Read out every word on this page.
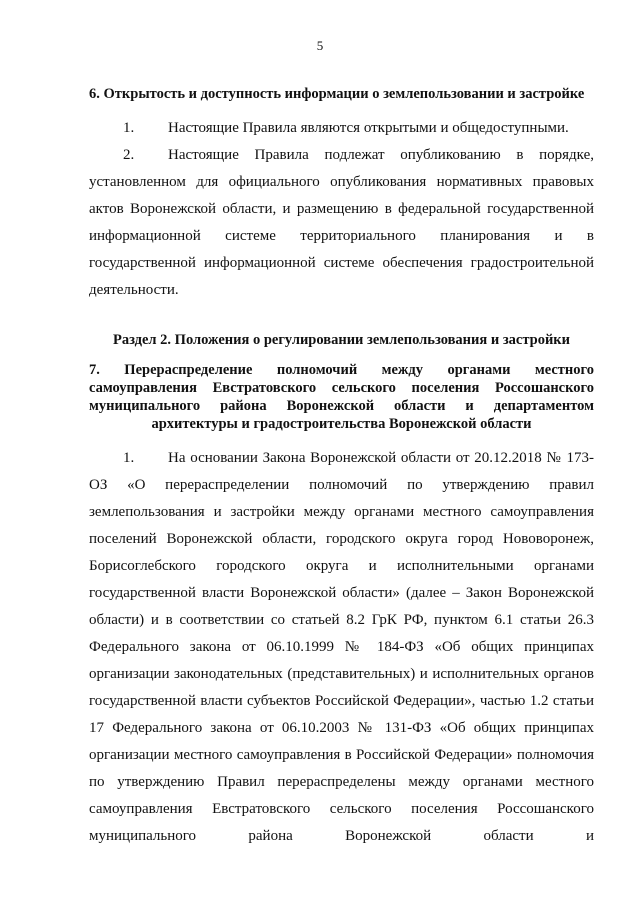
5
6. Открытость и доступность информации о землепользовании и застройке

1. Настоящие Правила являются открытыми и общедоступными.

2. Настоящие Правила подлежат опубликованию в порядке, установленном для официального опубликования нормативных правовых актов Воронежской области, и размещению в федеральной государственной информационной системе территориального планирования и в государственной информационной системе обеспечения градостроительной деятельности.

Раздел 2. Положения о регулировании землепользования и застройки
7. Перераспределение полномочий между органами местного самоуправления Евстратовского сельского поселения Россошанского муниципального района Воронежской области и департаментом архитектуры и градостроительства Воронежской области

1. На основании Закона Воронежской области от 20.12.2018 № 173-ОЗ «О перераспределении полномочий по утверждению правил землепользования и застройки между органами местного самоуправления поселений Воронежской области, городского округа город Нововоронеж, Борисоглебского городского округа и исполнительными органами государственной власти Воронежской области» (далее – Закон Воронежской области) и в соответствии со статьей 8.2 ГрК РФ, пунктом 6.1 статьи 26.3 Федерального закона от 06.10.1999 № 184-ФЗ «Об общих принципах организации законодательных (представительных) и исполнительных органов государственной власти субъектов Российской Федерации», частью 1.2 статьи 17 Федерального закона от 06.10.2003 № 131-ФЗ «Об общих принципах организации местного самоуправления в Российской Федерации» полномочия по утверждению Правил перераспределены между органами местного самоуправления Евстратовского сельского поселения Россошанского муниципального района Воронежской области и
